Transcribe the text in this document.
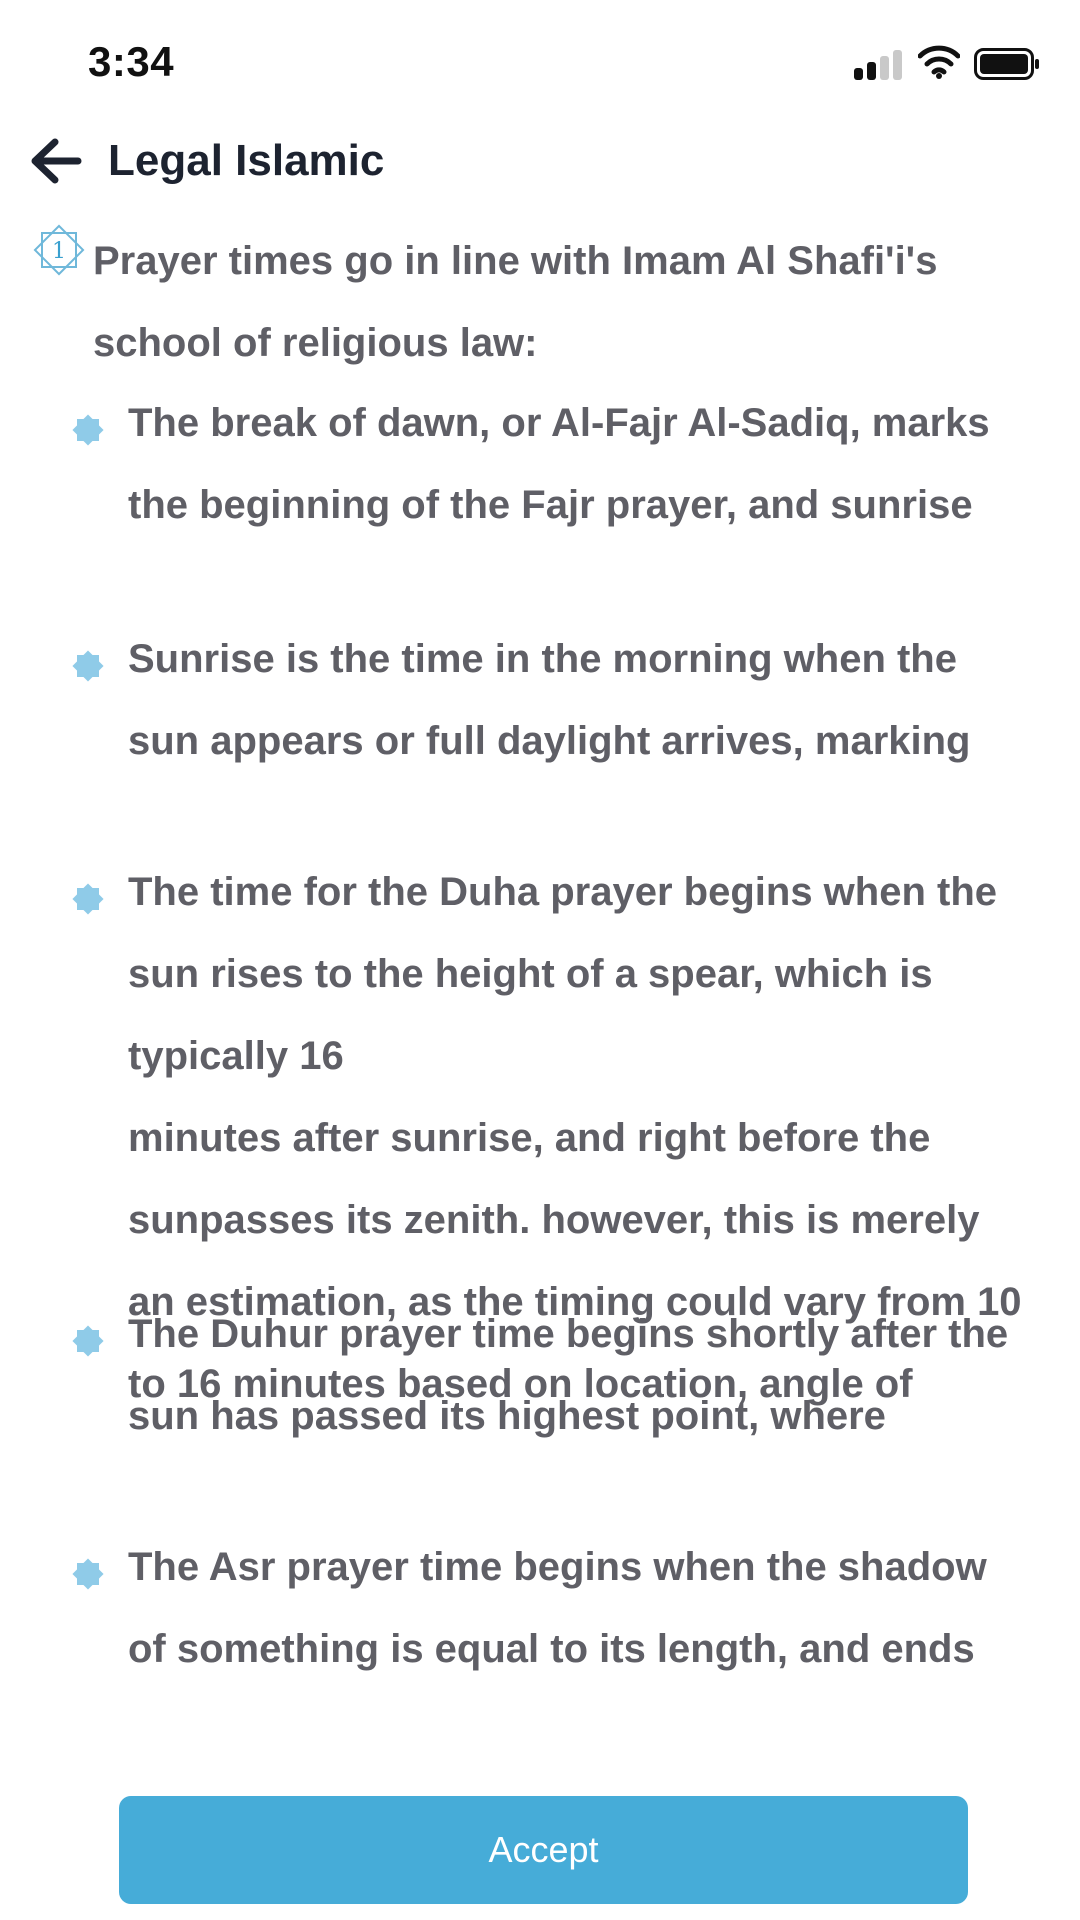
3:34
Legal Islamic
1 Prayer times go in line with Imam Al Shafi'i's school of religious law:

The break of dawn, or Al-Fajr Al-Sadiq, marks the beginning of the Fajr prayer, and sunrise

Sunrise is the time in the morning when the sun appears or full daylight arrives, marking

The time for the Duha prayer begins when the sun rises to the height of a spear, which is typically 16
minutes after sunrise, and right before the sunpasses its zenith. however, this is merely an estimation, as the timing could vary from 10 to 16 minutes based on location, angle of

The Duhur prayer time begins shortly after the sun has passed its highest point, where

The Asr prayer time begins when the shadow of something is equal to its length, and ends

Accept
